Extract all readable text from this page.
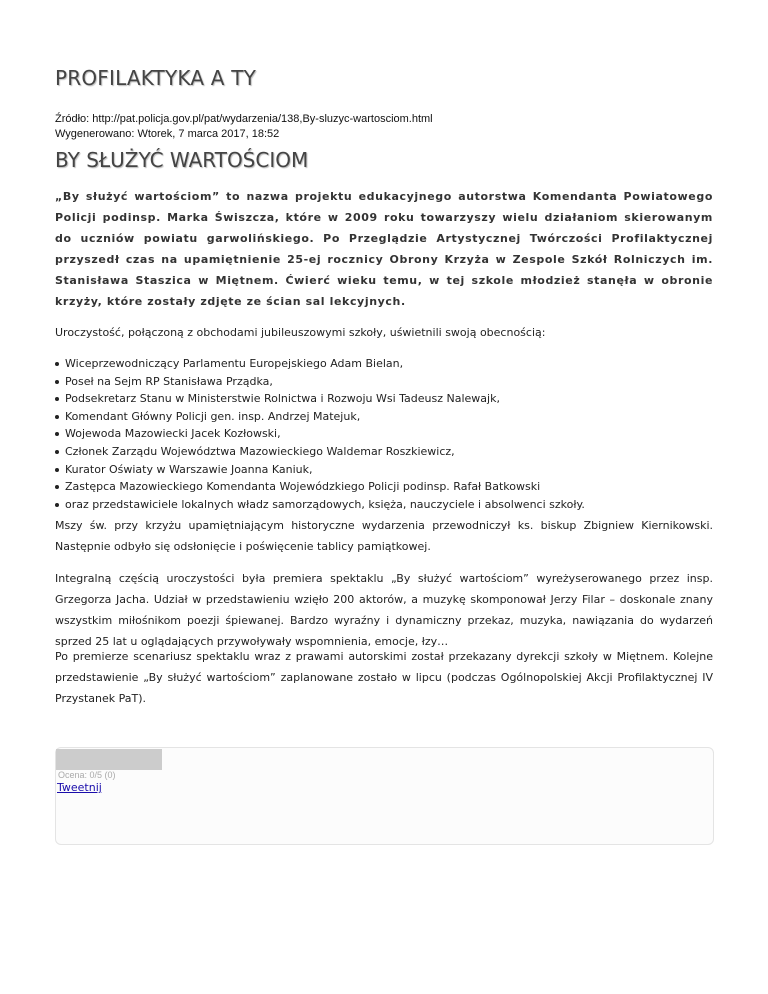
PROFILAKTYKA A TY
Źródło: http://pat.policja.gov.pl/pat/wydarzenia/138,By-sluzyc-wartosciom.html
Wygenerowano: Wtorek, 7 marca 2017, 18:52
BY SŁUŻYĆ WARTOŚCIOM

„By służyć wartościom” to nazwa projektu edukacyjnego autorstwa Komendanta Powiatowego Policji podinsp. Marka Świszcza, które w 2009 roku towarzyszy wielu działaniom skierowanym do uczniów powiatu garwolińskiego. Po Przeglądzie Artystycznej Twórczości Profilaktycznej przyszedł czas na upamiętnienie 25-ej rocznicy Obrony Krzyża w Zespole Szkół Rolniczych im. Stanisława Staszica w Miętnem. Ćwierć wieku temu, w tej szkole młodzież stanęła w obronie krzyży, które zostały zdjęte ze ścian sal lekcyjnych.

Uroczystość, połączoną z obchodami jubileuszowymi szkoły, uświetnili swoją obecnością:

Wiceprzewodniczący Parlamentu Europejskiego Adam Bielan,
Poseł na Sejm RP Stanisława Prządka,
Podsekretarz Stanu w Ministerstwie Rolnictwa i Rozwoju Wsi Tadeusz Nalewajk,
Komendant Główny Policji gen. insp. Andrzej Matejuk,
Wojewoda Mazowiecki Jacek Kozłowski,
Członek Zarządu Województwa Mazowieckiego Waldemar Roszkiewicz,
Kurator Oświaty w Warszawie Joanna Kaniuk,
Zastępca Mazowieckiego Komendanta Wojewódzkiego Policji podinsp. Rafał Batkowski
oraz przedstawiciele lokalnych władz samorządowych, księża, nauczyciele i absolwenci szkoły.

Mszy św. przy krzyżu upamiętniającym historyczne wydarzenia przewodniczył ks. biskup Zbigniew Kiernikowski. Następnie odbyło się odsłonięcie i poświęcenie tablicy pamiątkowej.

Integralną częścią uroczystości była premiera spektaklu „By służyć wartościom” wyreżyserowanego przez insp. Grzegorza Jacha. Udział w przedstawieniu wzięło 200 aktorów, a muzykę skomponował Jerzy Filar – doskonale znany wszystkim miłośnikom poezji śpiewanej. Bardzo wyraźny i dynamiczny przekaz, muzyka, nawiązania do wydarzeń sprzed 25 lat u oglądających przywoływały wspomnienia, emocje, łzy…

Po premierze scenariusz spektaklu wraz z prawami autorskimi został przekazany dyrekcji szkoły w Miętnem. Kolejne przedstawienie „By służyć wartościom” zaplanowane zostało w lipcu (podczas Ogólnopolskiej Akcji Profilaktycznej IV Przystanek PaT).

Ocena: 0/5 (0)
Tweetnij
